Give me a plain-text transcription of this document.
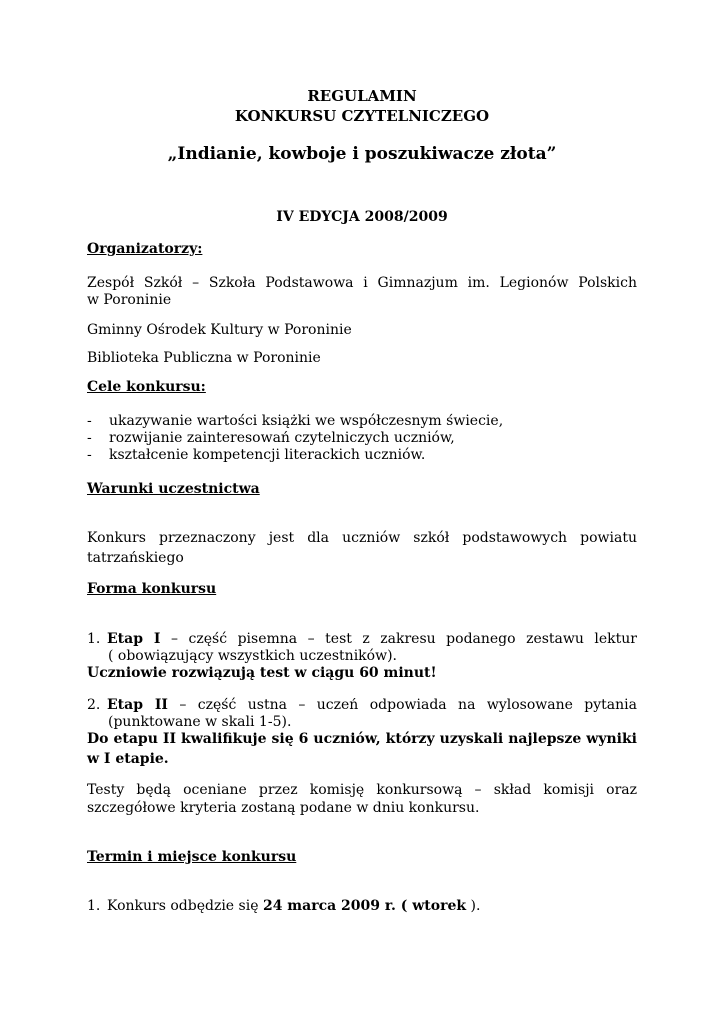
REGULAMIN
KONKURSU CZYTELNICZEGO
„Indianie, kowboje i poszukiwacze złota”
IV EDYCJA 2008/2009
Organizatorzy:
Zespół Szkół – Szkoła Podstawowa i Gimnazjum im. Legionów Polskich
w Poroninie
Gminny Ośrodek Kultury w Poroninie
Biblioteka Publiczna w Poroninie
Cele konkursu:
- ukazywanie wartości książki we współczesnym świecie,
- rozwijanie zainteresowań czytelniczych uczniów,
- kształcenie kompetencji literackich uczniów.
Warunki uczestnictwa
Konkurs przeznaczony jest dla uczniów szkół podstawowych powiatu
tatrzańskiego
Forma konkursu
1. Etap I – część pisemna – test z zakresu podanego zestawu lektur
( obowiązujący wszystkich uczestników).
Uczniowie rozwiązują test w ciągu 60 minut!
2. Etap II – część ustna – uczeń odpowiada na wylosowane pytania
(punktowane w skali 1-5).
Do etapu II kwalifikuje się 6 uczniów, którzy uzyskali najlepsze wyniki
w I etapie.
Testy będą oceniane przez komisję konkursową – skład komisji oraz
szczegółowe kryteria zostaną podane w dniu konkursu.
Termin i miejsce konkursu
1. Konkurs odbędzie się 24 marca 2009 r. ( wtorek ).
